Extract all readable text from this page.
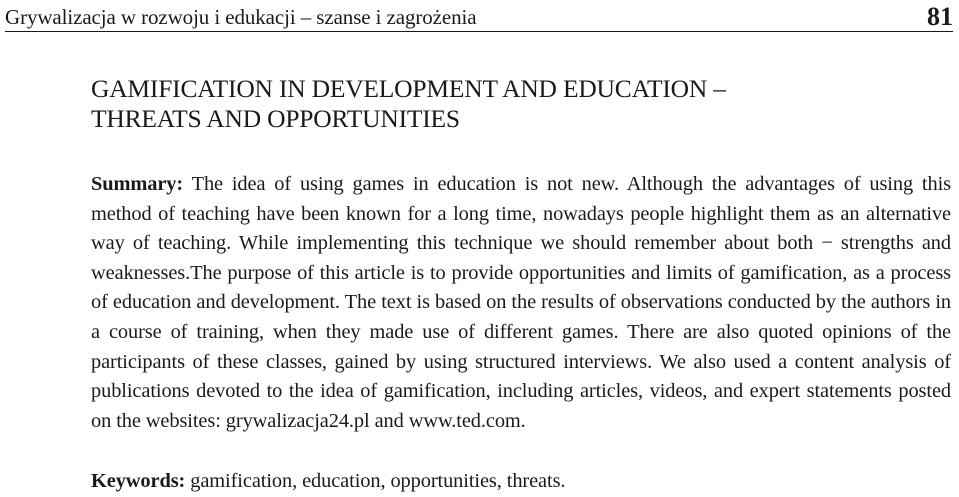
Grywalizacja w rozwoju i edukacji – szanse i zagrożenia	81
GAMIFICATION IN DEVELOPMENT AND EDUCATION –
THREATS AND OPPORTUNITIES

Summary: The idea of using games in education is not new. Although the advantages of using this method of teaching have been known for a long time, nowadays people highlight them as an alternative way of teaching. While implementing this technique we should remember about both − strengths and weaknesses.The purpose of this article is to provide opportunities and limits of gamification, as a process of education and development. The text is based on the results of observations conducted by the authors in a course of training, when they made use of different games. There are also quoted opinions of the participants of these classes, gained by using structured interviews. We also used a content analysis of publications devoted to the idea of gamification, including articles, videos, and expert statements posted on the websites: grywalizacja24.pl and www.ted.com.

Keywords: gamification, education, opportunities, threats.
